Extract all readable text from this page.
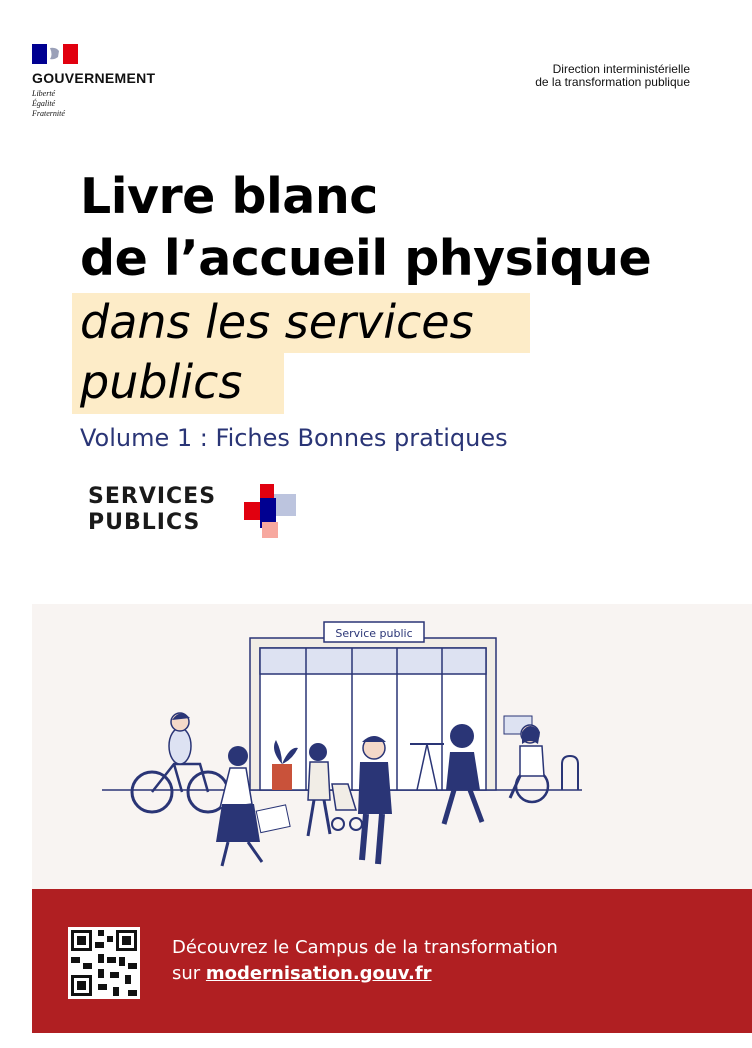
GOUVERNEMENT
Liberté
Égalité
Fraternité
Direction interministérielle
de la transformation publique
Livre blanc
de l’accueil physique
dans les services
publics
Volume 1 : Fiches Bonnes pratiques
SERVICES
PUBLICS
Service public
Découvrez le Campus de la transformation
sur modernisation.gouv.fr
